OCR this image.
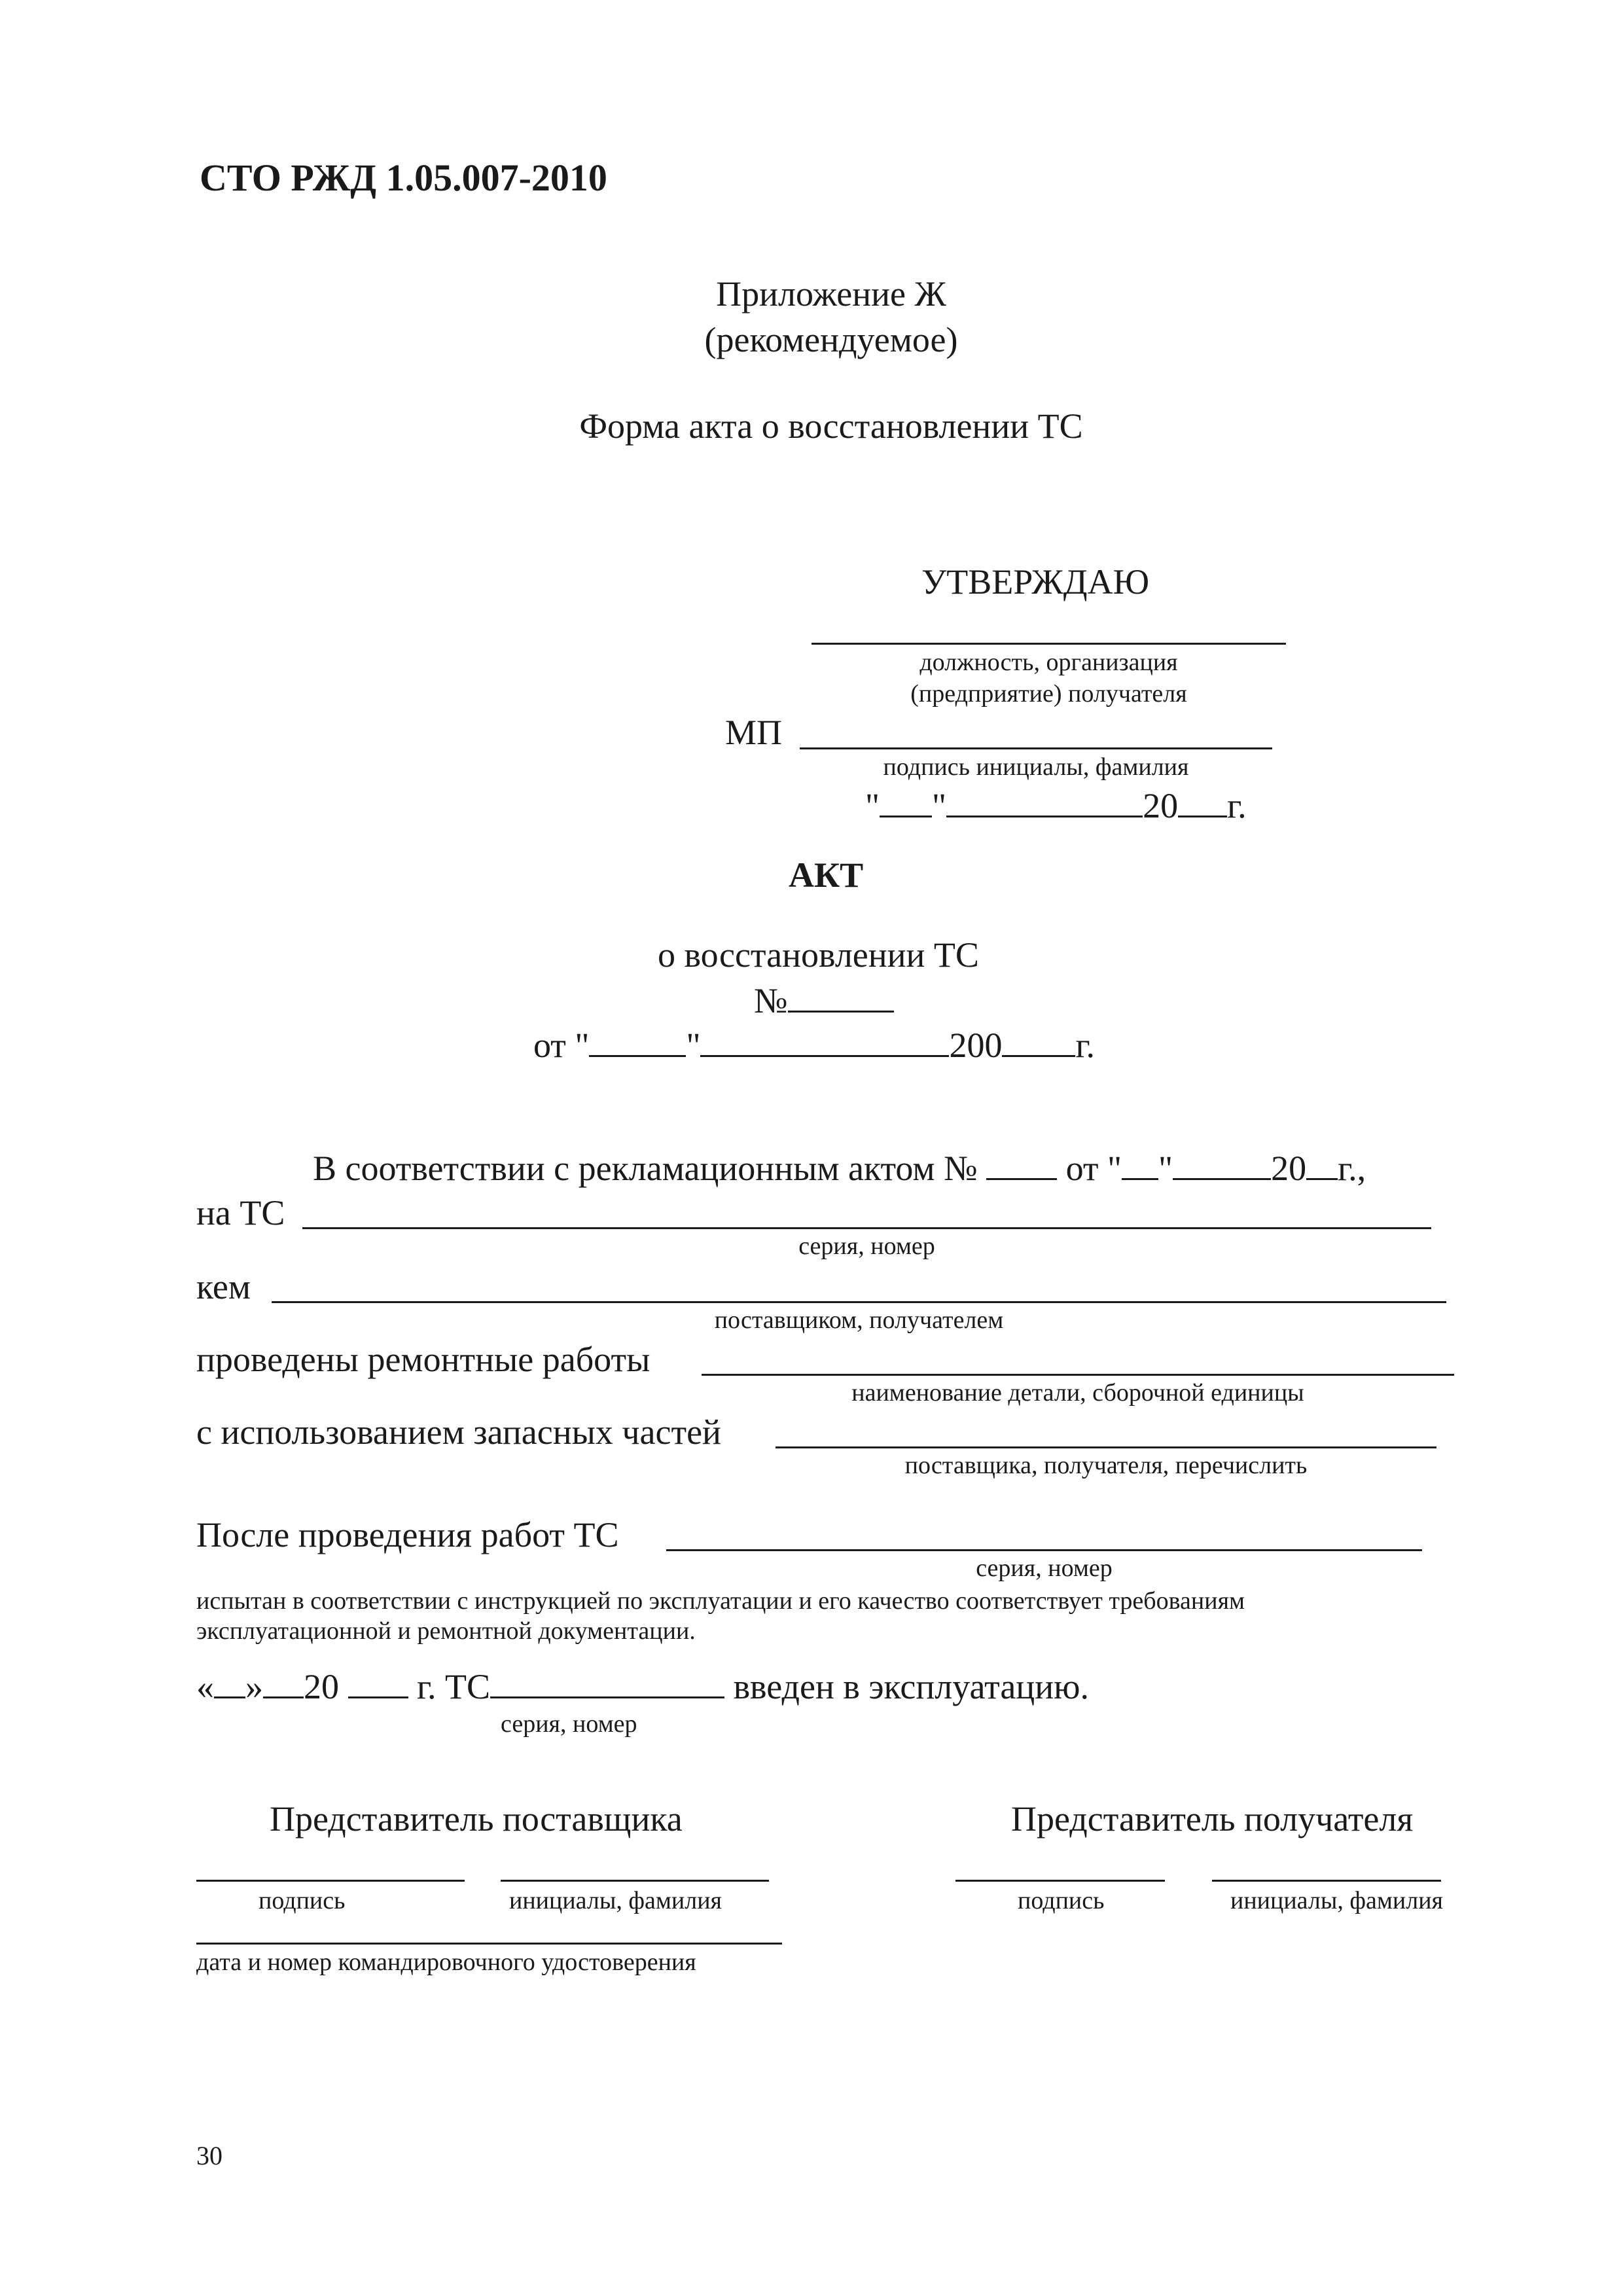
СТО РЖД 1.05.007-2010
Приложение Ж
(рекомендуемое)
Форма акта о восстановлении ТС
УТВЕРЖДАЮ
должность, организация
(предприятие) получателя
МП
подпись инициалы, фамилия
" "	20 г.
АКТ
о восстановлении ТС
№
от "	"	200 г.
В соответствии с рекламационным актом №	от " "	20 г.,
на ТС
серия, номер
кем
поставщиком, получателем
проведены ремонтные работы
наименование детали, сборочной единицы
с использованием запасных частей
поставщика, получателя, перечислить
После проведения работ ТС
серия, номер
испытан в соответствии с инструкцией по эксплуатации и его качество соответствует требованиям
эксплуатационной и ремонтной документации.
« » 20 г. ТС	введен в эксплуатацию.
серия, номер
Представитель поставщика	Представитель получателя
подпись	инициалы, фамилия	подпись	инициалы, фамилия
дата и номер командировочного удостоверения
30
